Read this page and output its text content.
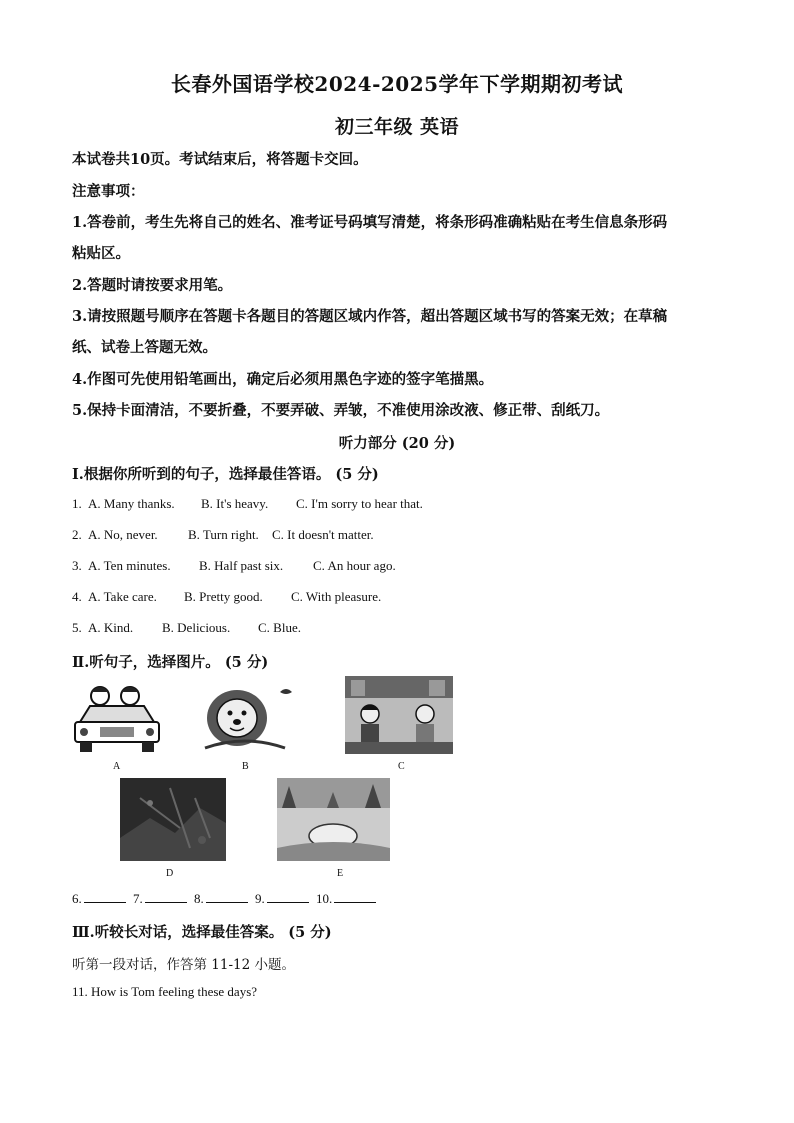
长春外国语学校2024-2025学年下学期期初考试
初三年级 英语
本试卷共10页。考试结束后，将答题卡交回。
注意事项：
1.答卷前，考生先将自己的姓名、准考证号码填写清楚，将条形码准确粘贴在考生信息条形码
粘贴区。
2.答题时请按要求用笔。
3.请按照题号顺序在答题卡各题目的答题区域内作答，超出答题区域书写的答案无效；在草稿
纸、试卷上答题无效。
4.作图可先使用铅笔画出，确定后必须用黑色字迹的签字笔描黑。
5.保持卡面清洁，不要折叠，不要弄破、弄皱，不准使用涂改液、修正带、刮纸刀。
听力部分 (20 分)
Ⅰ.根据你所听到的句子，选择最佳答语。 (5 分)
1. A. Many thanks. B. It's heavy. C. I'm sorry to hear that.
2. A. No, never. B. Turn right. C. It doesn't matter.
3. A. Ten minutes. B. Half past six. C. An hour ago.
4. A. Take care. B. Pretty good. C. With pleasure.
5. A. Kind. B. Delicious. C. Blue.
Ⅱ.听句子，选择图片。 (5 分)
A	B	C
D	E
6.	7.	8.	9.	10.
Ⅲ.听较长对话，选择最佳答案。 (5 分)
听第一段对话，作答第 11-12 小题。
11. How is Tom feeling these days?
